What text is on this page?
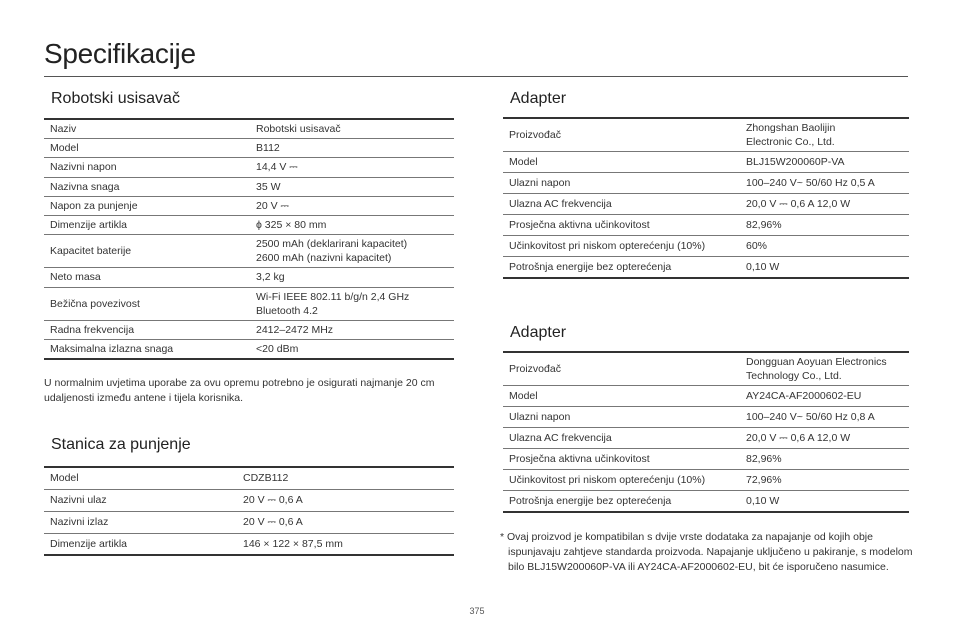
Specifikacije
Robotski usisavač
Naziv	Robotski usisavač
Model	B112
Nazivni napon	14,4 V ⎓
Nazivna snaga	35 W
Napon za punjenje	20 V ⎓
Dimenzije artikla	ϕ 325 × 80 mm
Kapacitet baterije	2500 mAh (deklarirani kapacitet)
2600 mAh (nazivni kapacitet)
Neto masa	3,2 kg
Bežična povezivost	Wi-Fi IEEE 802.11 b/g/n 2,4 GHz
Bluetooth 4.2
Radna frekvencija	2412–2472 MHz
Maksimalna izlazna snaga	<20 dBm
U normalnim uvjetima uporabe za ovu opremu potrebno je osigurati najmanje 20 cm udaljenosti između antene i tijela korisnika.
Stanica za punjenje
Model	CDZB112
Nazivni ulaz	20 V ⎓ 0,6 A
Nazivni izlaz	20 V ⎓ 0,6 A
Dimenzije artikla	146 × 122 × 87,5 mm
Adapter
Proizvođač	Zhongshan Baolijin
Electronic Co., Ltd.
Model	BLJ15W200060P-VA
Ulazni napon	100–240 V~ 50/60 Hz 0,5 A
Ulazna AC frekvencija	20,0 V ⎓ 0,6 A 12,0 W
Prosječna aktivna učinkovitost	82,96%
Učinkovitost pri niskom opterećenju (10%)	60%
Potrošnja energije bez opterećenja	0,10 W
Adapter
Proizvođač	Dongguan Aoyuan Electronics
Technology Co., Ltd.
Model	AY24CA-AF2000602-EU
Ulazni napon	100–240 V~ 50/60 Hz 0,8 A
Ulazna AC frekvencija	20,0 V ⎓ 0,6 A 12,0 W
Prosječna aktivna učinkovitost	82,96%
Učinkovitost pri niskom opterećenju (10%)	72,96%
Potrošnja energije bez opterećenja	0,10 W
* Ovaj proizvod je kompatibilan s dvije vrste dodataka za napajanje od kojih obje ispunjavaju zahtjeve standarda proizvoda. Napajanje uključeno u pakiranje, s modelom bilo BLJ15W200060P-VA ili AY24CA-AF2000602-EU, bit će isporučeno nasumice.
375
